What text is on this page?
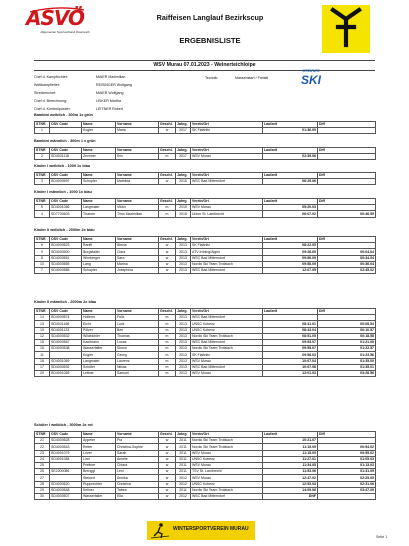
ASVÖ
Allgemeiner Sportverband Österreich
Raiffeisen Langlauf Bezirkscup
ERGEBNISLISTE
WSV Murau 07.01.2023 - Weinerteichloipe
Chef d. Kampfrichter:	MAIER Maximilian
Wettkampfleiter:	REISINGER Wolfgang
Streckenchef:	MAIER Wolfgang
Chef d. Berechnung:	LEIKER Martha
Chef d. Kontrollposten:	LEITNER Robert
Technik:	Massenstart / Freistil
STEIRER
SKI
Bambini weiblich - 300m 1x grün
STNR	ÖSV Code	Name	Vorname	Geschl.	Jahrg.	Verein/Ort	Laufzeit	Diff
1		Kogler	Maria	w	2017	SK Flattnitz	01:36.09	
Bambini männlich - 300m 1 x grün
STNR	ÖSV Code	Name	Vorname	Geschl.	Jahrg.	Verein/Ort	Laufzeit	Diff
2	SD4001118	Zechner	Eric	m	2017	WSV Murau	02:39.06	
Kinder I weiblich - 1000 1x blau
STNR	ÖSV Code	Name	Vorname	Geschl.	Jahrg.	Verein/Ort	Laufzeit	Diff
3	SD4000597	Schupfer	Mathilda	w	2015	WSC Bad Mitterndorf	06:29.06	
Kinder I männlich - 1000 1x blau
STNR	ÖSV Code	Name	Vorname	Geschl.	Jahrg.	Verein/Ort	Laufzeit	Diff
5	SD4001066	Langmaier	Viktor	m	2015	WSV Murau	05:20.03	
4	SD7700603	Tharner	Timo Maximilian	m	2015	Union St. Lambrecht	06:07.02	00:46.59
Kinder II weiblich - 2000m 2x blau
STNR	ÖSV Code	Name	Vorname	Geschl.	Jahrg.	Verein/Ort	Laufzeit	Diff
6	SD4000523	Ranftl	Alexia	w	2013	SK Flattnitz	08:22.05	
9	SD4000500	Burgstaller	Clara	w	2013	ATV Irdning/Aigen	09:26.09	00:04.04
8	SD4000561	Wimberger	Sara	w	2013	WSC Bad Mitterndorf	09:56.09	00:34.04
10	SD4000555	Lang	Marina	w	2013	Nordic Ski Team Trofaiach	09:58.09	00:36.04
7	SD4000585	Schupfer	Josephina	w	2013	WSC Bad Mitterndorf	12:07.05	02:45.02
Kinder II männlich - 2000m 2x blau
STNR	ÖSV Code	Name	Vorname	Geschl.	Jahrg.	Verein/Ort	Laufzeit	Diff
14	SD4000574	Hollerer	Felix	m	2013	WSC Bad Mitterndorf		
13	SD4001168	Eichr	Luck	m	2013	UNSC Kobenz	08:41.01	00:08.54
19	SD4001123	Pölzer	Ben	m	2013	UNSC Kobenz	08:43.04	00:10.57
12	SD4000532	Wildbichler	Thomas	m	2013	Nordic Ski Team Trofaiach	08:51.05	00:18.58
15	SD4000567	Kaufmann	Lucas	m	2013	WSC Bad Mitterndorf	09:53.07	01:21.00
16	SD4000538	Wasserfaller	Simon	m	2013	Nordic Ski Team Trofaiach	09:55.07	01:22.57
11		Kogler	Georg	m	2013	SK Flattnitz	09:56.03	01:23.56
18	SD4001069	Langmaier	Laurenz	m	2013	WSV Murau	10:07.04	01:35.00
17	SD4000592	Schöfer	Niklas	m	2013	WSC Bad Mitterndorf	10:07.08	01:35.01
20	SD4001065	Leitner	Samuel	m	2013	WSV Murau	12:01.03	03:28.56
Schüler I weiblich - 3000m 2x rot
STNR	ÖSV Code	Name	Vorname	Geschl.	Jahrg.	Verein/Ort	Laufzeit	Diff
21	SD4000528	Appeler	Pia	w	2011	Nordic Ski Team Trofaiach	10:21.07	
22	SD4000543	Reiter	Christina-Sophie	w	2011	Nordic Ski Team Trofaiach	11:15.09	00:54.02
23	SD4001079	Lover	Sarah	w	2011	WSV Murau	11:15.09	00:55.02
24	SD4001084	Lind	Amelie	w	2011	UNSC Kobenz	11:27.01	01:05.03
25		Prettner	Chiara	w	2011	WSV Murau	11:34.05	01:13.03
26	SE2200086	Brenggl	Leni	w	2011	TSV St. Lambrecht	11:53.06	01:31.09
27		Steinert	Annika	w	2012	WSV Murau	12:47.02	02:25.05
28	SD4000620	Rupprechter	Christina	w	2012	UNSC Kobenz	12:53.03	02:31.06
29	SD4000548	Kellner	Tabea	w	2011	Nordic Ski Team Trofaiach	14:09.06	03:47.09
30	SD4000507	Wasserfaller	Ella	w	2012	WSC Bad Mitterndorf	DNF	
WINTERSPORTVEREIN MURAU
Seite 1
